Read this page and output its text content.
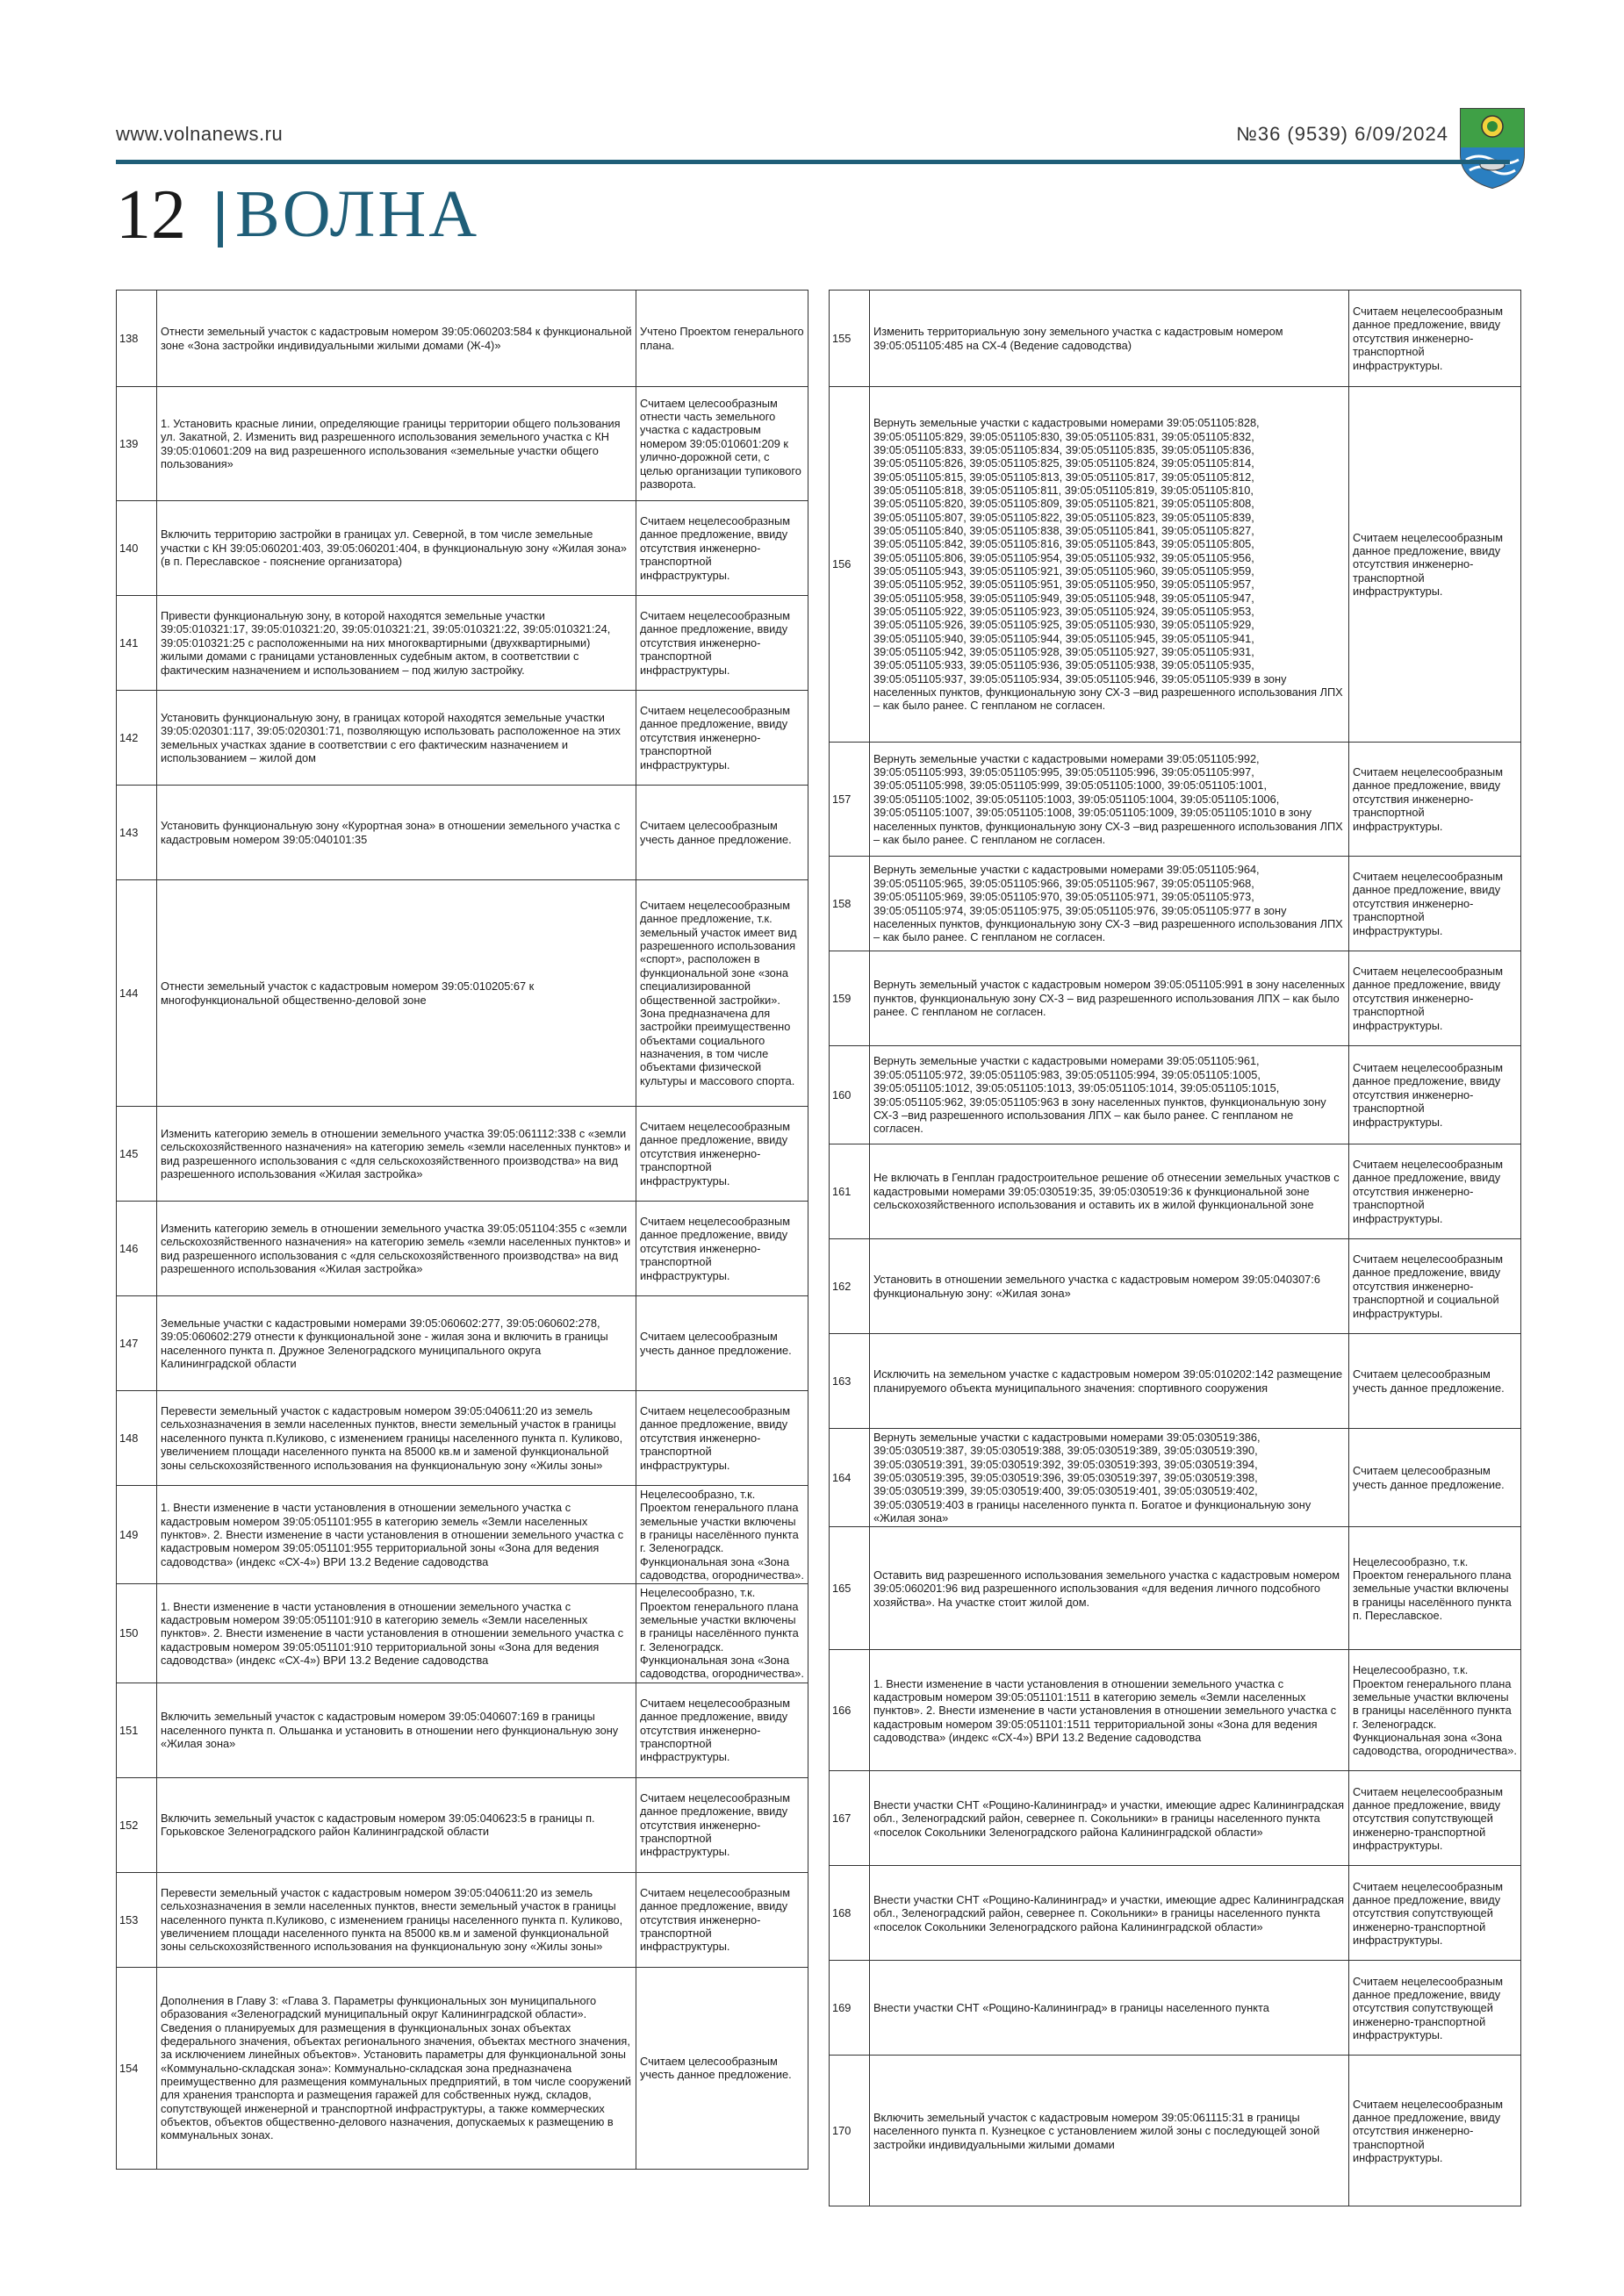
www.volnanews.ru	№36 (9539) 6/09/2024
12 ВОЛНА
138	Отнести земельный участок с кадастровым номером 39:05:060203:584 к функциональной зоне «Зона застройки индивидуальными жилыми домами (Ж-4)»	Учтено Проектом генерального плана.
139	1. Установить красные линии, определяющие границы территории общего пользования ул. Закатной, 2. Изменить вид разрешенного использования земельного участка с КН 39:05:010601:209 на вид разрешенного использования «земельные участки общего пользования»	Считаем целесообразным отнести часть земельного участка с кадастровым номером 39:05:010601:209 к улично-дорожной сети, с целью организации тупикового разворота.
140	Включить территорию застройки в границах ул. Северной, в том числе земельные участки с КН 39:05:060201:403, 39:05:060201:404, в функциональную зону «Жилая зона» (в п. Переславское - пояснение организатора)	Считаем нецелесообразным данное предложение, ввиду отсутствия инженерно-транспортной инфраструктуры.
141	Привести функциональную зону, в которой находятся земельные участки 39:05:010321:17, 39:05:010321:20, 39:05:010321:21, 39:05:010321:22, 39:05:010321:24, 39:05:010321:25 с расположенными на них многоквартирными (двухквартирными) жилыми домами с границами установленных судебным актом, в соответствии с фактическим назначением и использованием – под жилую застройку.	Считаем нецелесообразным данное предложение, ввиду отсутствия инженерно-транспортной инфраструктуры.
142	Установить функциональную зону, в границах которой находятся земельные участки 39:05:020301:117, 39:05:020301:71, позволяющую использовать расположенное на этих земельных участках здание в соответствии с его фактическим назначением и использованием – жилой дом	Считаем нецелесообразным данное предложение, ввиду отсутствия инженерно-транспортной инфраструктуры.
143	Установить функциональную зону «Курортная зона» в отношении земельного участка с кадастровым номером 39:05:040101:35	Считаем целесообразным учесть данное предложение.
144	Отнести земельный участок с кадастровым номером 39:05:010205:67 к многофункциональной общественно-деловой зоне	Считаем нецелесообразным данное предложение, т.к. земельный участок имеет вид разрешенного использования «спорт», расположен в функциональной зоне «зона специализированной общественной застройки». Зона предназначена для застройки преимущественно объектами социального назначения, в том числе объектами физической культуры и массового спорта.
145	Изменить категорию земель в отношении земельного участка 39:05:061112:338 с «земли сельскохозяйственного назначения» на категорию земель «земли населенных пунктов» и вид разрешенного использования с «для сельскохозяйственного производства» на вид разрешенного использования «Жилая застройка»	Считаем нецелесообразным данное предложение, ввиду отсутствия инженерно-транспортной инфраструктуры.
146	Изменить категорию земель в отношении земельного участка 39:05:051104:355 с «земли сельскохозяйственного назначения» на категорию земель «земли населенных пунктов» и вид разрешенного использования с «для сельскохозяйственного производства» на вид разрешенного использования «Жилая застройка»	Считаем нецелесообразным данное предложение, ввиду отсутствия инженерно-транспортной инфраструктуры.
147	Земельные участки с кадастровыми номерами 39:05:060602:277, 39:05:060602:278, 39:05:060602:279 отнести к функциональной зоне - жилая зона и включить в границы населенного пункта п. Дружное Зеленоградского муниципального округа Калининградской области	Считаем целесообразным учесть данное предложение.
148	Перевести земельный участок с кадастровым номером 39:05:040611:20 из земель сельхозназначения в земли населенных пунктов, внести земельный участок в границы населенного пункта п.Куликово, с изменением границы населенного пункта п. Куликово, увеличением площади населенного пункта на 85000 кв.м и заменой функциональной зоны сельскохозяйственного использования на функциональную зону «Жилы зоны»	Считаем нецелесообразным данное предложение, ввиду отсутствия инженерно-транспортной инфраструктуры.
149	1. Внести изменение в части установления в отношении земельного участка с кадастровым номером 39:05:051101:955 в категорию земель «Земли населенных пунктов». 2. Внести изменение в части установления в отношении земельного участка с кадастровым номером 39:05:051101:955 территориальной зоны «Зона для ведения садоводства» (индекс «СХ-4») ВРИ 13.2 Ведение садоводства	Нецелесообразно, т.к. Проектом генерального плана земельные участки включены в границы населённого пункта г. Зеленоградск. Функциональная зона «Зона садоводства, огородничества».
150	1. Внести изменение в части установления в отношении земельного участка с кадастровым номером 39:05:051101:910 в категорию земель «Земли населенных пунктов». 2. Внести изменение в части установления в отношении земельного участка с кадастровым номером 39:05:051101:910 территориальной зоны «Зона для ведения садоводства» (индекс «СХ-4») ВРИ 13.2 Ведение садоводства	Нецелесообразно, т.к. Проектом генерального плана земельные участки включены в границы населённого пункта г. Зеленоградск. Функциональная зона «Зона садоводства, огородничества».
151	Включить земельный участок с кадастровым номером 39:05:040607:169 в границы населенного пункта п. Ольшанка и установить в отношении него функциональную зону «Жилая зона»	Считаем нецелесообразным данное предложение, ввиду отсутствия инженерно-транспортной инфраструктуры.
152	Включить земельный участок с кадастровым номером 39:05:040623:5 в границы п. Горьковское Зеленоградского район Калининградской области	Считаем нецелесообразным данное предложение, ввиду отсутствия инженерно-транспортной инфраструктуры.
153	Перевести земельный участок с кадастровым номером 39:05:040611:20 из земель сельхозназначения в земли населенных пунктов, внести земельный участок в границы населенного пункта п.Куликово, с изменением границы населенного пункта п. Куликово, увеличением площади населенного пункта на 85000 кв.м и заменой функциональной зоны сельскохозяйственного использования на функциональную зону «Жилы зоны»	Считаем нецелесообразным данное предложение, ввиду отсутствия инженерно-транспортной инфраструктуры.
154	Дополнения в Главу 3: «Глава 3. Параметры функциональных зон муниципального образования «Зеленоградский муниципальный округ Калининградской области». Сведения о планируемых для размещения в функциональных зонах объектах федерального значения, объектах регионального значения, объектах местного значения, за исключением линейных объектов». Установить параметры для функциональной зоны «Коммунально-складская зона»: Коммунально-складская зона предназначена преимущественно для размещения коммунальных предприятий, в том числе сооружений для хранения транспорта и размещения гаражей для собственных нужд, складов, сопутствующей инженерной и транспортной инфраструктуры, а также коммерческих объектов, объектов общественно-делового назначения, допускаемых к размещению в коммунальных зонах.	Считаем целесообразным учесть данное предложение.
155	Изменить территориальную зону земельного участка с кадастровым номером 39:05:051105:485 на СХ-4 (Ведение садоводства)	Считаем нецелесообразным данное предложение, ввиду отсутствия инженерно-транспортной инфраструктуры.
156	Вернуть земельные участки с кадастровыми номерами 39:05:051105:828, 39:05:051105:829, 39:05:051105:830, 39:05:051105:831, 39:05:051105:832, 39:05:051105:833, 39:05:051105:834, 39:05:051105:835, 39:05:051105:836, 39:05:051105:826, 39:05:051105:825, 39:05:051105:824, 39:05:051105:814, 39:05:051105:815, 39:05:051105:813, 39:05:051105:817, 39:05:051105:812, 39:05:051105:818, 39:05:051105:811, 39:05:051105:819, 39:05:051105:810, 39:05:051105:820, 39:05:051105:809, 39:05:051105:821, 39:05:051105:808, 39:05:051105:807, 39:05:051105:822, 39:05:051105:823, 39:05:051105:839, 39:05:051105:840, 39:05:051105:838, 39:05:051105:841, 39:05:051105:827, 39:05:051105:842, 39:05:051105:816, 39:05:051105:843, 39:05:051105:805, 39:05:051105:806, 39:05:051105:954, 39:05:051105:932, 39:05:051105:956, 39:05:051105:943, 39:05:051105:921, 39:05:051105:960, 39:05:051105:959, 39:05:051105:952, 39:05:051105:951, 39:05:051105:950, 39:05:051105:957, 39:05:051105:958, 39:05:051105:949, 39:05:051105:948, 39:05:051105:947, 39:05:051105:922, 39:05:051105:923, 39:05:051105:924, 39:05:051105:953, 39:05:051105:926, 39:05:051105:925, 39:05:051105:930, 39:05:051105:929, 39:05:051105:940, 39:05:051105:944, 39:05:051105:945, 39:05:051105:941, 39:05:051105:942, 39:05:051105:928, 39:05:051105:927, 39:05:051105:931, 39:05:051105:933, 39:05:051105:936, 39:05:051105:938, 39:05:051105:935, 39:05:051105:937, 39:05:051105:934, 39:05:051105:946, 39:05:051105:939 в зону населенных пунктов, функциональную зону СХ-3 –вид разрешенного использования ЛПХ – как было ранее. С генпланом не согласен.	Считаем нецелесообразным данное предложение, ввиду отсутствия инженерно-транспортной инфраструктуры.
157	Вернуть земельные участки с кадастровыми номерами 39:05:051105:992, 39:05:051105:993, 39:05:051105:995, 39:05:051105:996, 39:05:051105:997, 39:05:051105:998, 39:05:051105:999, 39:05:051105:1000, 39:05:051105:1001, 39:05:051105:1002, 39:05:051105:1003, 39:05:051105:1004, 39:05:051105:1006, 39:05:051105:1007, 39:05:051105:1008, 39:05:051105:1009, 39:05:051105:1010 в зону населенных пунктов, функциональную зону СХ-3 –вид разрешенного использования ЛПХ – как было ранее. С генпланом не согласен.	Считаем нецелесообразным данное предложение, ввиду отсутствия инженерно-транспортной инфраструктуры.
158	Вернуть земельные участки с кадастровыми номерами 39:05:051105:964, 39:05:051105:965, 39:05:051105:966, 39:05:051105:967, 39:05:051105:968, 39:05:051105:969, 39:05:051105:970, 39:05:051105:971, 39:05:051105:973, 39:05:051105:974, 39:05:051105:975, 39:05:051105:976, 39:05:051105:977 в зону населенных пунктов, функциональную зону СХ-3 –вид разрешенного использования ЛПХ – как было ранее. С генпланом не согласен.	Считаем нецелесообразным данное предложение, ввиду отсутствия инженерно-транспортной инфраструктуры.
159	Вернуть земельный участок с кадастровым номером 39:05:051105:991 в зону населенных пунктов, функциональную зону СХ-3 – вид разрешенного использования ЛПХ – как было ранее. С генпланом не согласен.	Считаем нецелесообразным данное предложение, ввиду отсутствия инженерно-транспортной инфраструктуры.
160	Вернуть земельные участки с кадастровыми номерами 39:05:051105:961, 39:05:051105:972, 39:05:051105:983, 39:05:051105:994, 39:05:051105:1005, 39:05:051105:1012, 39:05:051105:1013, 39:05:051105:1014, 39:05:051105:1015, 39:05:051105:962, 39:05:051105:963 в зону населенных пунктов, функциональную зону СХ-3 –вид разрешенного использования ЛПХ – как было ранее. С генпланом не согласен.	Считаем нецелесообразным данное предложение, ввиду отсутствия инженерно-транспортной инфраструктуры.
161	Не включать в Генплан градостроительное решение об отнесении земельных участков с кадастровыми номерами 39:05:030519:35, 39:05:030519:36 к функциональной зоне сельскохозяйственного использования и оставить их в жилой функциональной зоне	Считаем нецелесообразным данное предложение, ввиду отсутствия инженерно-транспортной инфраструктуры.
162	Установить в отношении земельного участка с кадастровым номером 39:05:040307:6 функциональную зону: «Жилая зона»	Считаем нецелесообразным данное предложение, ввиду отсутствия инженерно-транспортной и социальной инфраструктуры.
163	Исключить на земельном участке с кадастровым номером 39:05:010202:142 размещение планируемого объекта муниципального значения: спортивного сооружения	Считаем целесообразным учесть данное предложение.
164	Вернуть земельные участки с кадастровыми номерами 39:05:030519:386, 39:05:030519:387, 39:05:030519:388, 39:05:030519:389, 39:05:030519:390, 39:05:030519:391, 39:05:030519:392, 39:05:030519:393, 39:05:030519:394, 39:05:030519:395, 39:05:030519:396, 39:05:030519:397, 39:05:030519:398, 39:05:030519:399, 39:05:030519:400, 39:05:030519:401, 39:05:030519:402, 39:05:030519:403 в границы населенного пункта п. Богатое и функциональную зону «Жилая зона»	Считаем целесообразным учесть данное предложение.
165	Оставить вид разрешенного использования земельного участка с кадастровым номером 39:05:060201:96 вид разрешенного использования «для ведения личного подсобного хозяйства». На участке стоит жилой дом.	Нецелесообразно, т.к. Проектом генерального плана земельные участки включены в границы населённого пункта п. Переславское.
166	1. Внести изменение в части установления в отношении земельного участка с кадастровым номером 39:05:051101:1511 в категорию земель «Земли населенных пунктов». 2. Внести изменение в части установления в отношении земельного участка с кадастровым номером 39:05:051101:1511 территориальной зоны «Зона для ведения садоводства» (индекс «СХ-4») ВРИ 13.2 Ведение садоводства	Нецелесообразно, т.к. Проектом генерального плана земельные участки включены в границы населённого пункта г. Зеленоградск. Функциональная зона «Зона садоводства, огородничества».
167	Внести участки СНТ «Рощино-Калининград» и участки, имеющие адрес Калининградская обл., Зеленоградский район, севернее п. Сокольники» в границы населенного пункта «поселок Сокольники Зеленоградского района Калининградской области»	Считаем нецелесообразным данное предложение, ввиду отсутствия сопутствующей инженерно-транспортной инфраструктуры.
168	Внести участки СНТ «Рощино-Калининград» и участки, имеющие адрес Калининградская обл., Зеленоградский район, севернее п. Сокольники» в границы населенного пункта «поселок Сокольники Зеленоградского района Калининградской области»	Считаем нецелесообразным данное предложение, ввиду отсутствия сопутствующей инженерно-транспортной инфраструктуры.
169	Внести участки СНТ «Рощино-Калининград» в границы населенного пункта	Считаем нецелесообразным данное предложение, ввиду отсутствия сопутствующей инженерно-транспортной инфраструктуры.
170	Включить земельный участок с кадастровым номером 39:05:061115:31 в границы населенного пункта п. Кузнецкое с установлением жилой зоны с последующей зоной застройки индивидуальными жилыми домами	Считаем нецелесообразным данное предложение, ввиду отсутствия инженерно-транспортной инфраструктуры.
